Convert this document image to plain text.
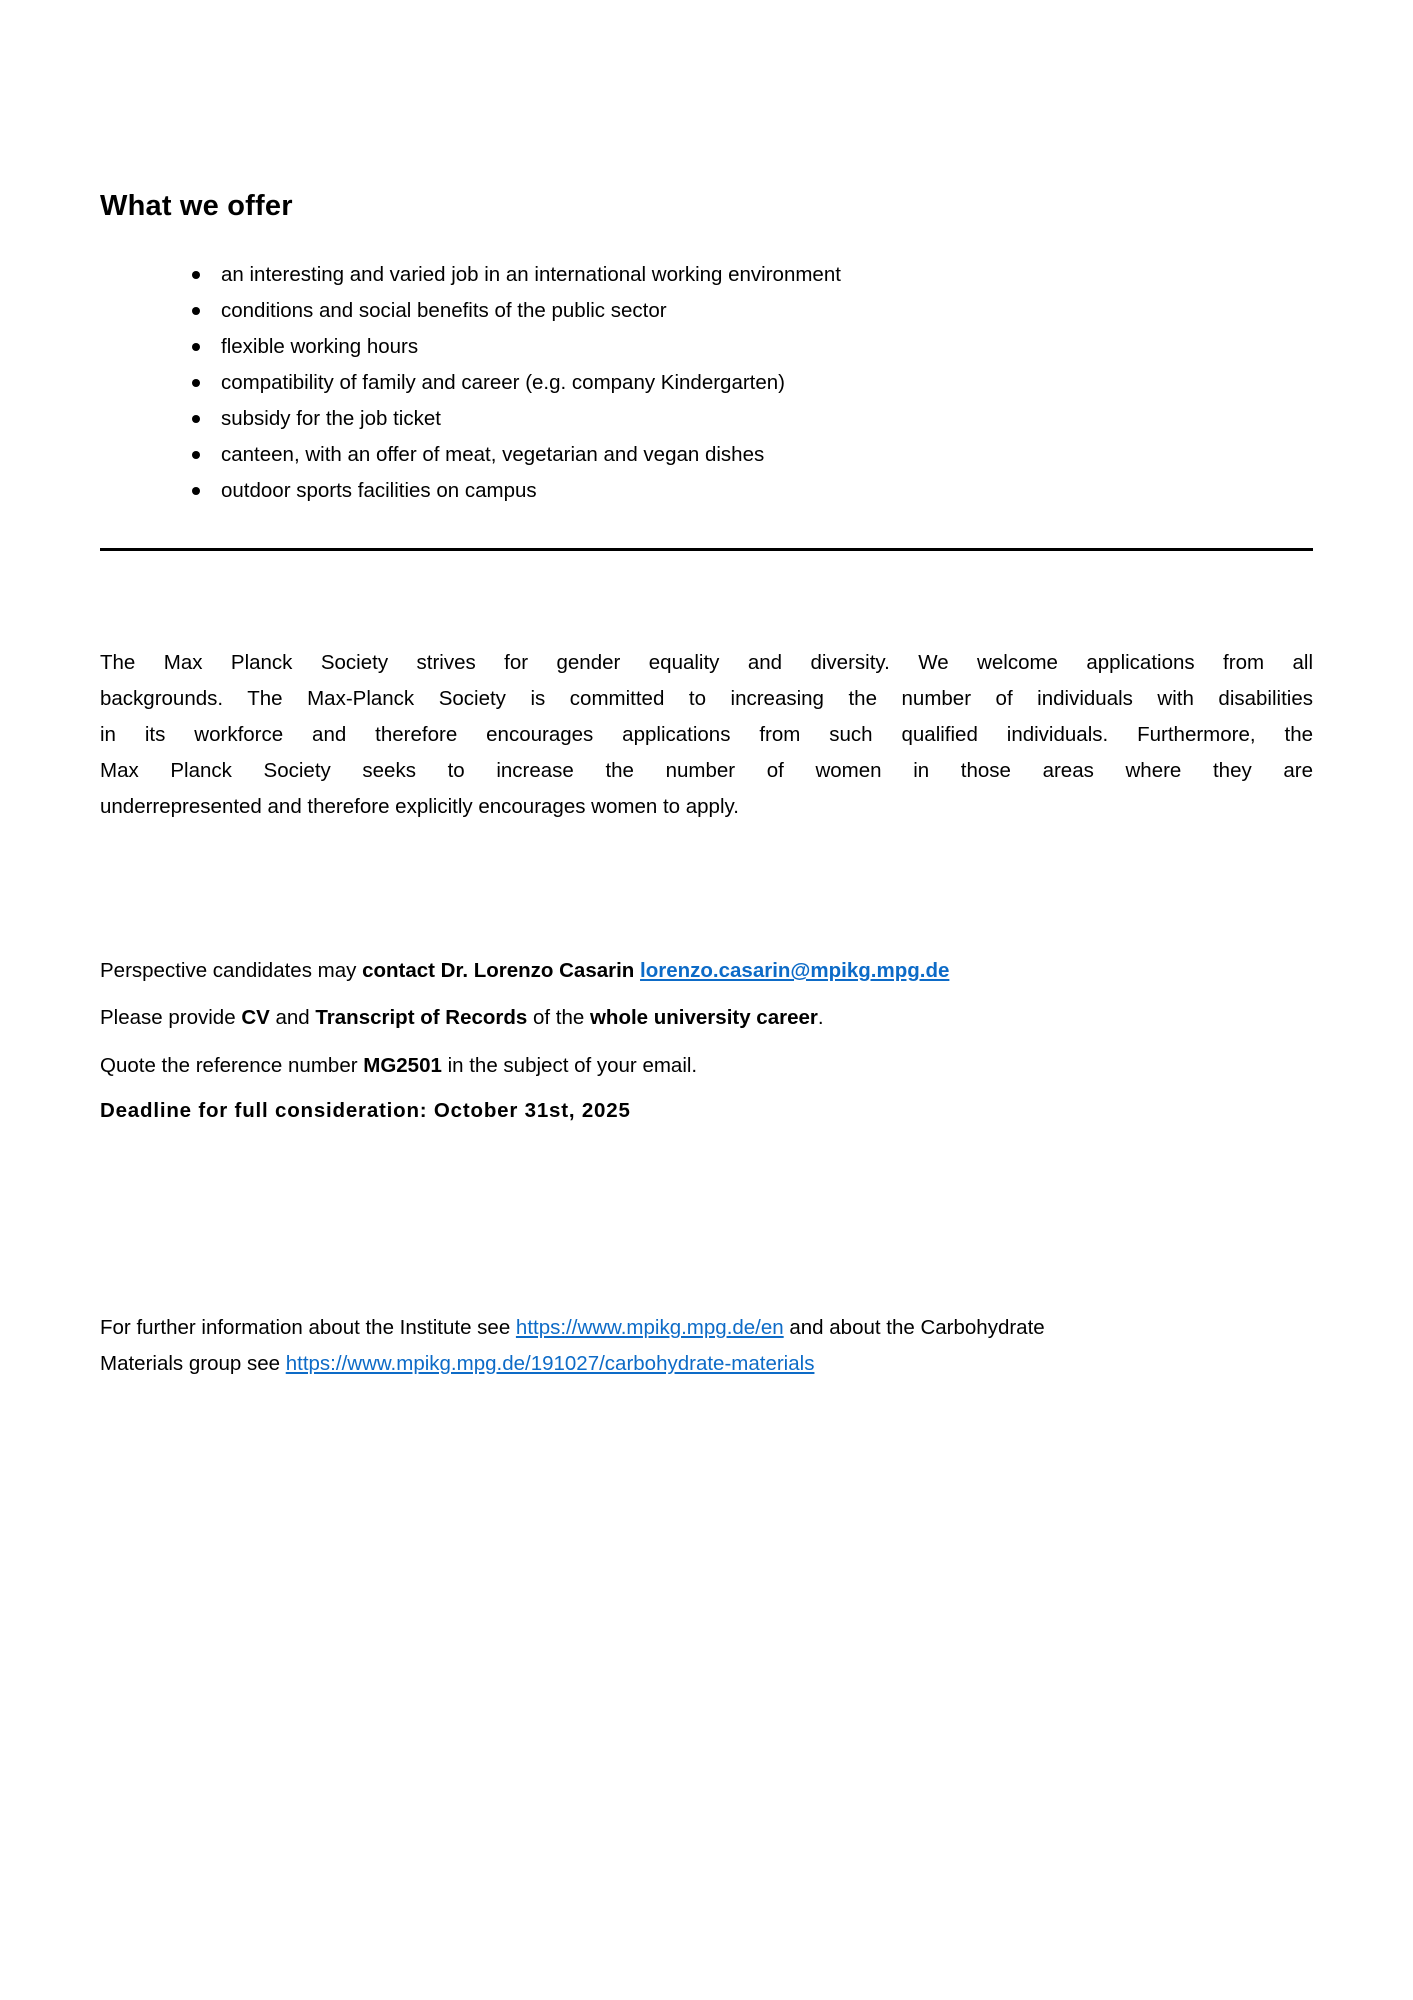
What we offer
an interesting and varied job in an international working environment
conditions and social benefits of the public sector
flexible working hours
compatibility of family and career (e.g. company Kindergarten)
subsidy for the job ticket
canteen, with an offer of meat, vegetarian and vegan dishes
outdoor sports facilities on campus
The Max Planck Society strives for gender equality and diversity. We welcome applications from all
backgrounds. The Max-Planck Society is committed to increasing the number of individuals with disabilities
in its workforce and therefore encourages applications from such qualified individuals. Furthermore, the
Max Planck Society seeks to increase the number of women in those areas where they are
underrepresented and therefore explicitly encourages women to apply.
Perspective candidates may contact Dr. Lorenzo Casarin lorenzo.casarin@mpikg.mpg.de
Please provide CV and Transcript of Records of the whole university career.
Quote the reference number MG2501 in the subject of your email.
Deadline for full consideration: October 31st, 2025
For further information about the Institute see https://www.mpikg.mpg.de/en and about the Carbohydrate
Materials group see https://www.mpikg.mpg.de/191027/carbohydrate-materials
